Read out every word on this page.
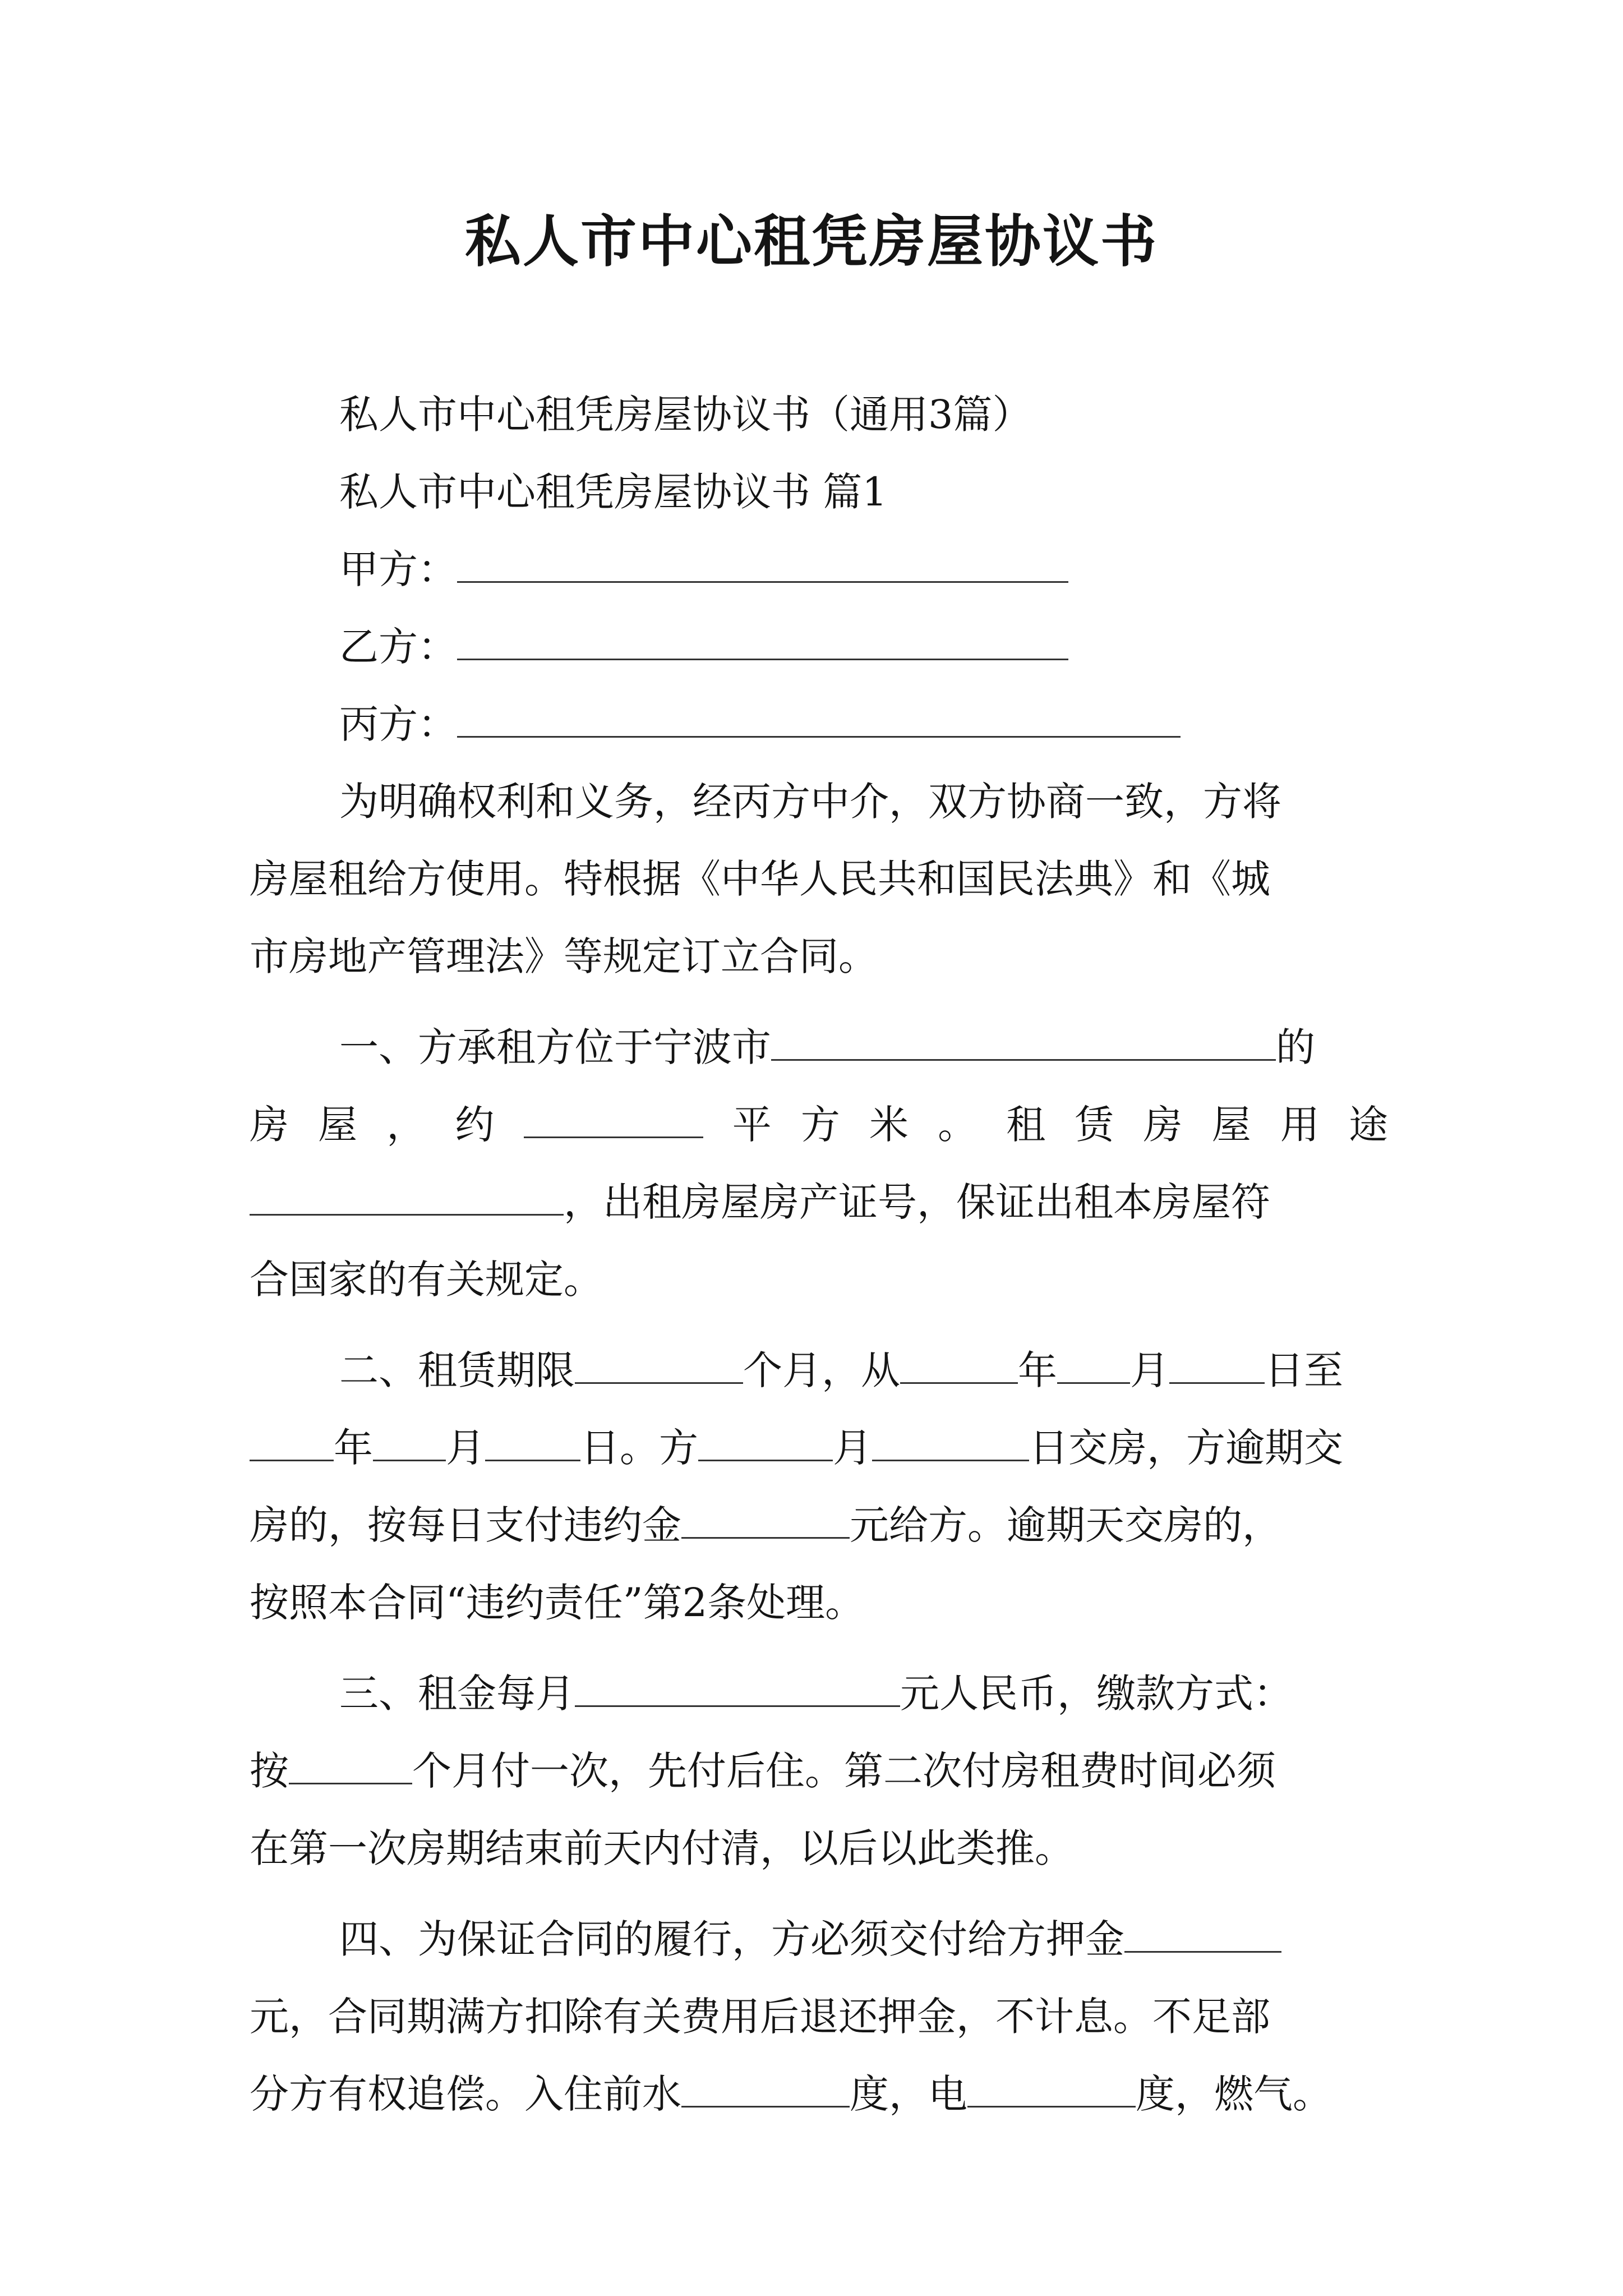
私人市中心租凭房屋协议书
私人市中心租凭房屋协议书（通用3篇）
私人市中心租凭房屋协议书 篇1
甲方：
乙方：
丙方：
为明确权利和义务，经丙方中介，双方协商一致，方将
房屋租给方使用。特根据《中华人民共和国民法典》和《城
市房地产管理法》等规定订立合同。
一、方承租方位于宁波市	的
房 屋 ， 约	平 方 米 。 租 赁 房 屋 用 途
，出租房屋房产证号，保证出租本房屋符
合国家的有关规定。
二、租赁期限	个月，从	年 月 日至
年 月 日。方	月	日交房，方逾期交
房的，按每日支付违约金	元给方。逾期天交房的，
按照本合同“违约责任”第2条处理。
三、租金每月	元人民币，缴款方式：
按	个月付一次，先付后住。第二次付房租费时间必须
在第一次房期结束前天内付清，以后以此类推。
四、为保证合同的履行，方必须交付给方押金
元，合同期满方扣除有关费用后退还押金，不计息。不足部
分方有权追偿。入住前水	度，电	度，燃气。
